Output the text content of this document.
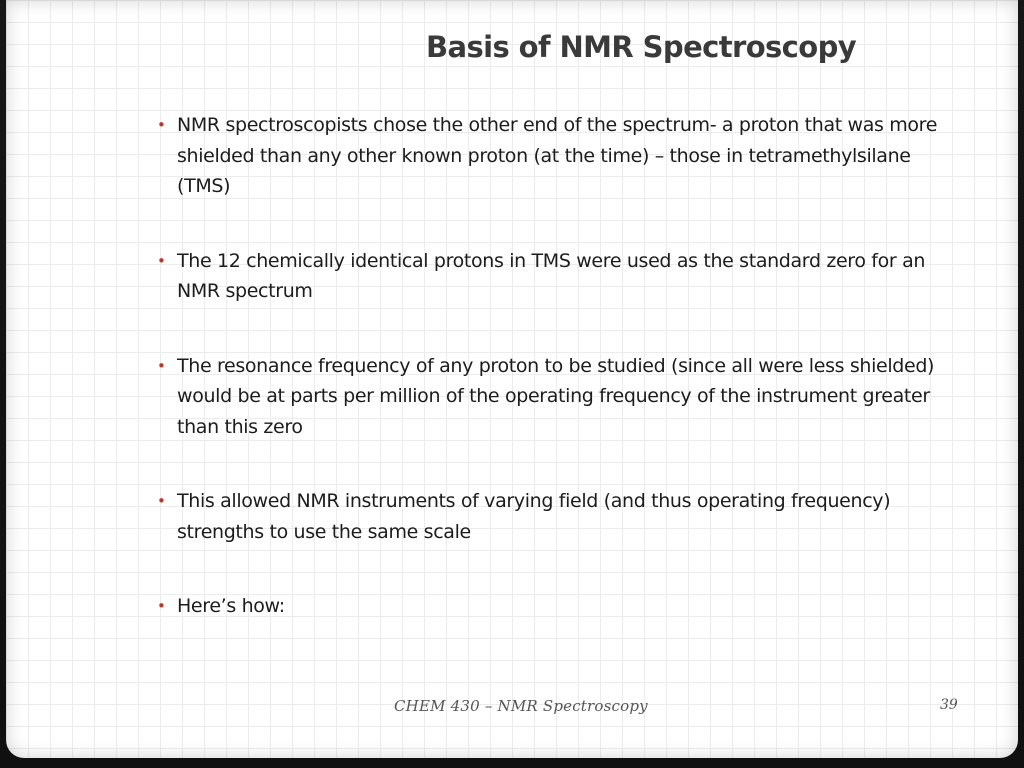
Basis of NMR Spectroscopy
• NMR spectroscopists chose the other end of the spectrum- a proton that was more shielded than any other known proton (at the time) – those in tetramethylsilane (TMS)
• The 12 chemically identical protons in TMS were used as the standard zero for an NMR spectrum
• The resonance frequency of any proton to be studied (since all were less shielded) would be at parts per million of the operating frequency of the instrument greater than this zero
• This allowed NMR instruments of varying field (and thus operating frequency) strengths to use the same scale
• Here’s how:
CHEM 430 – NMR Spectroscopy	39
